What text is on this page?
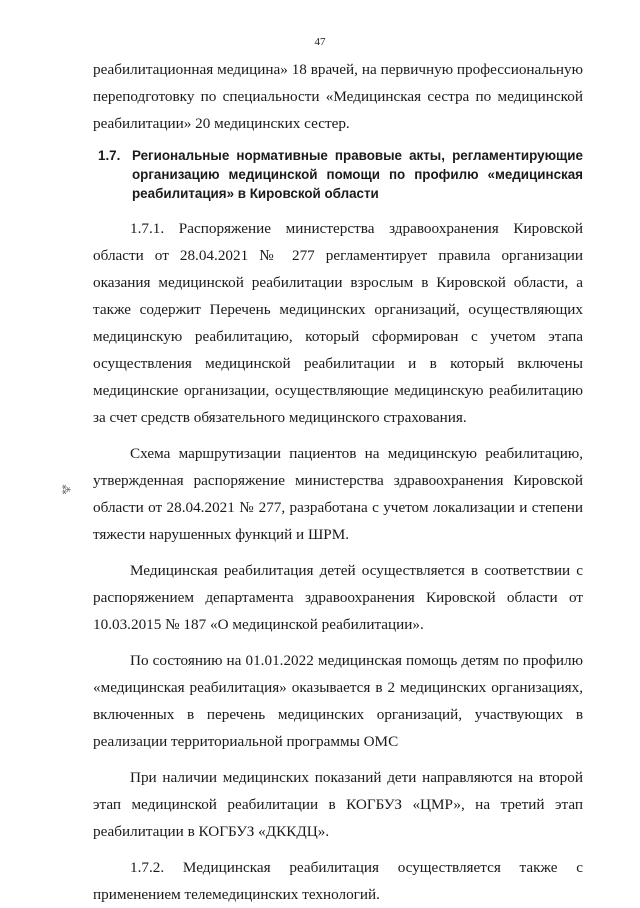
47
⁂

реабилитационная медицина» 18 врачей, на первичную профессиональную переподготовку по специальности «Медицинская сестра по медицинской реабилитации» 20 медицинских сестер.

1.7. Региональные нормативные правовые акты, регламентирующие организацию медицинской помощи по профилю «медицинская реабилитация» в Кировской области

1.7.1. Распоряжение министерства здравоохранения Кировской области от 28.04.2021 № 277 регламентирует правила организации оказания медицинской реабилитации взрослым в Кировской области, а также содержит Перечень медицинских организаций, осуществляющих медицинскую реабилитацию, который сформирован с учетом этапа осуществления медицинской реабилитации и в который включены медицинские организации, осуществляющие медицинскую реабилитацию за счет средств обязательного медицинского страхования.

Схема маршрутизации пациентов на медицинскую реабилитацию, утвержденная распоряжение министерства здравоохранения Кировской области от 28.04.2021 № 277, разработана с учетом локализации и степени тяжести нарушенных функций и ШРМ.

Медицинская реабилитация детей осуществляется в соответствии с распоряжением департамента здравоохранения Кировской области от 10.03.2015 № 187 «О медицинской реабилитации».

По состоянию на 01.01.2022 медицинская помощь детям по профилю «медицинская реабилитация» оказывается в 2 медицинских организациях, включенных в перечень медицинских организаций, участвующих в реализации территориальной программы ОМС

При наличии медицинских показаний дети направляются на второй этап медицинской реабилитации в КОГБУЗ «ЦМР», на третий этап реабилитации в КОГБУЗ «ДККДЦ».

1.7.2. Медицинская реабилитация осуществляется также с применением телемедицинских технологий.
